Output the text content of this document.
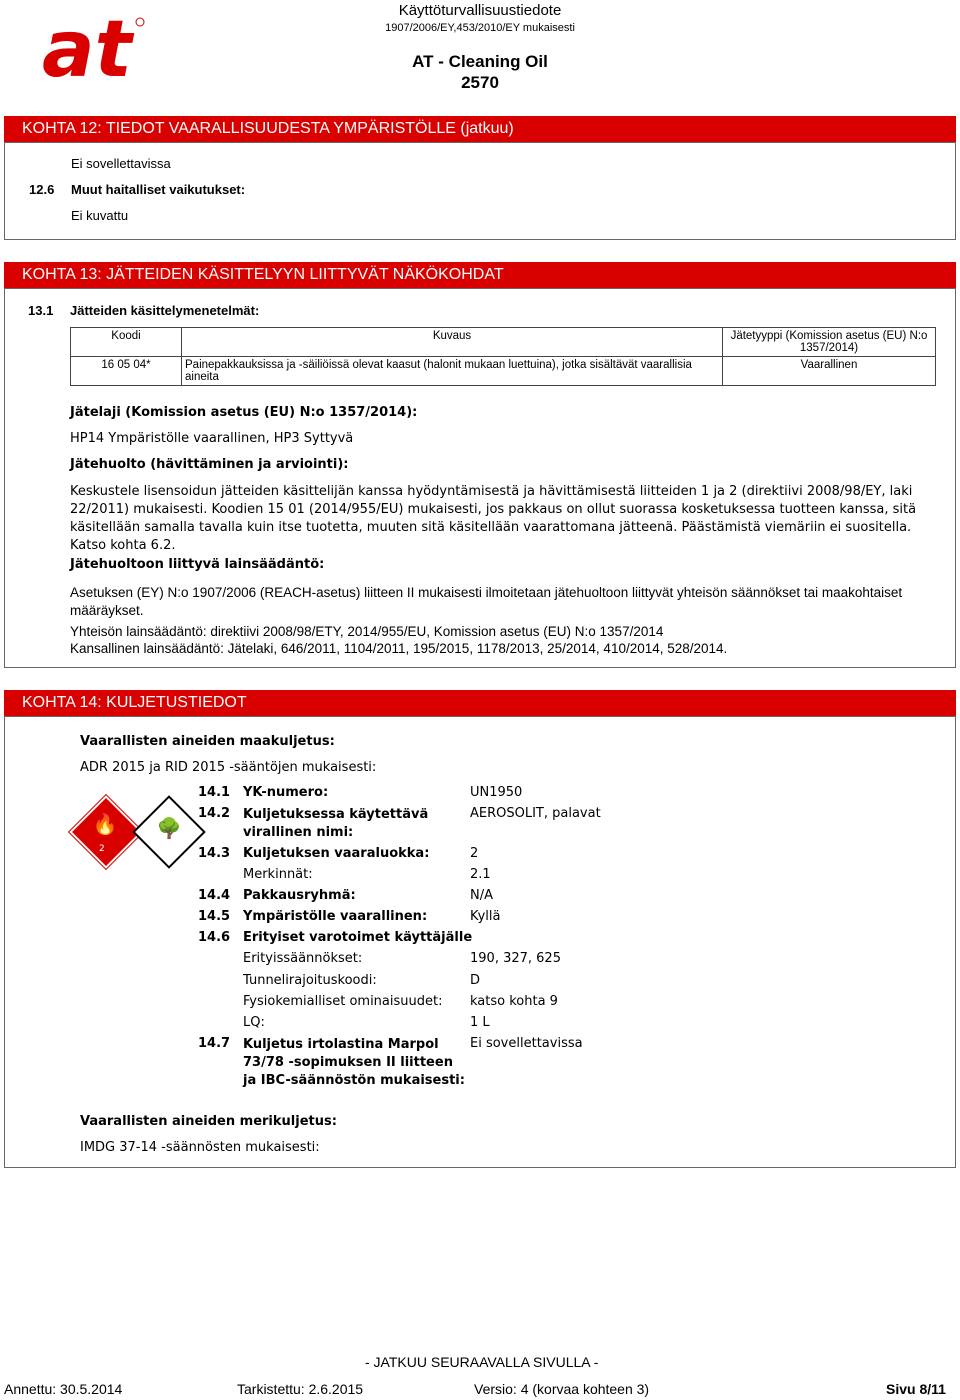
at	Käyttöturvallisuustiedote
1907/2006/EY,453/2010/EY mukaisesti
AT - Cleaning Oil
2570
KOHTA 12: TIEDOT VAARALLISUUDESTA YMPÄRISTÖLLE (jatkuu)
Ei sovellettavissa
12.6 Muut haitalliset vaikutukset:
Ei kuvattu
KOHTA 13: JÄTTEIDEN KÄSITTELYYN LIITTYVÄT NÄKÖKOHDAT
13.1 Jätteiden käsittelymenetelmät:
Koodi	Kuvaus	Jätetyyppi (Komission asetus (EU) N:o 1357/2014)
16 05 04*	Painepakkauksissa ja -säiliöissä olevat kaasut (halonit mukaan luettuina), jotka sisältävät vaarallisia aineita	Vaarallinen
Jätelaji (Komission asetus (EU) N:o 1357/2014):
HP14 Ympäristölle vaarallinen, HP3 Syttyvä
Jätehuolto (hävittäminen ja arviointi):
Keskustele lisensoidun jätteiden käsittelijän kanssa hyödyntämisestä ja hävittämisestä liitteiden 1 ja 2 (direktiivi 2008/98/EY, laki 22/2011) mukaisesti. Koodien 15 01 (2014/955/EU) mukaisesti, jos pakkaus on ollut suorassa kosketuksessa tuotteen kanssa, sitä käsitellään samalla tavalla kuin itse tuotetta, muuten sitä käsitellään vaarattomana jätteenä. Päästämistä viemäriin ei suositella. Katso kohta 6.2.
Jätehuoltoon liittyvä lainsäädäntö:
Asetuksen (EY) N:o 1907/2006 (REACH-asetus) liitteen II mukaisesti ilmoitetaan jätehuoltoon liittyvät yhteisön säännökset tai maakohtaiset määräykset.
Yhteisön lainsäädäntö: direktiivi 2008/98/ETY, 2014/955/EU, Komission asetus (EU) N:o 1357/2014
Kansallinen lainsäädäntö: Jätelaki, 646/2011, 1104/2011, 195/2015, 1178/2013, 25/2014, 410/2014, 528/2014.
KOHTA 14: KULJETUSTIEDOT
Vaarallisten aineiden maakuljetus:
ADR 2015 ja RID 2015 -sääntöjen mukaisesti:
🔥
2
🌳
14.1 YK-numero:	UN1950
14.2 Kuljetuksessa käytettävä virallinen nimi:
AEROSOLIT, palavat
14.3 Kuljetuksen vaaraluokka:	2
Merkinnät:	2.1
14.4 Pakkausryhmä:	N/A
14.5 Ympäristölle vaarallinen:	Kyllä
14.6 Erityiset varotoimet käyttäjälle
Erityissäännökset:	190, 327, 625
Tunnelirajoituskoodi:	D
Fysiokemialliset ominaisuudet: katso kohta 9
LQ:	1 L
14.7 Kuljetus irtolastina Marpol 73/78 -sopimuksen II liitteen ja IBC-säännöstön mukaisesti:
Ei sovellettavissa
Vaarallisten aineiden merikuljetus:
IMDG 37-14 -säännösten mukaisesti:
- JATKUU SEURAAVALLA SIVULLA -
Annettu: 30.5.2014	Tarkistettu: 2.6.2015	Versio: 4 (korvaa kohteen 3)	Sivu 8/11
